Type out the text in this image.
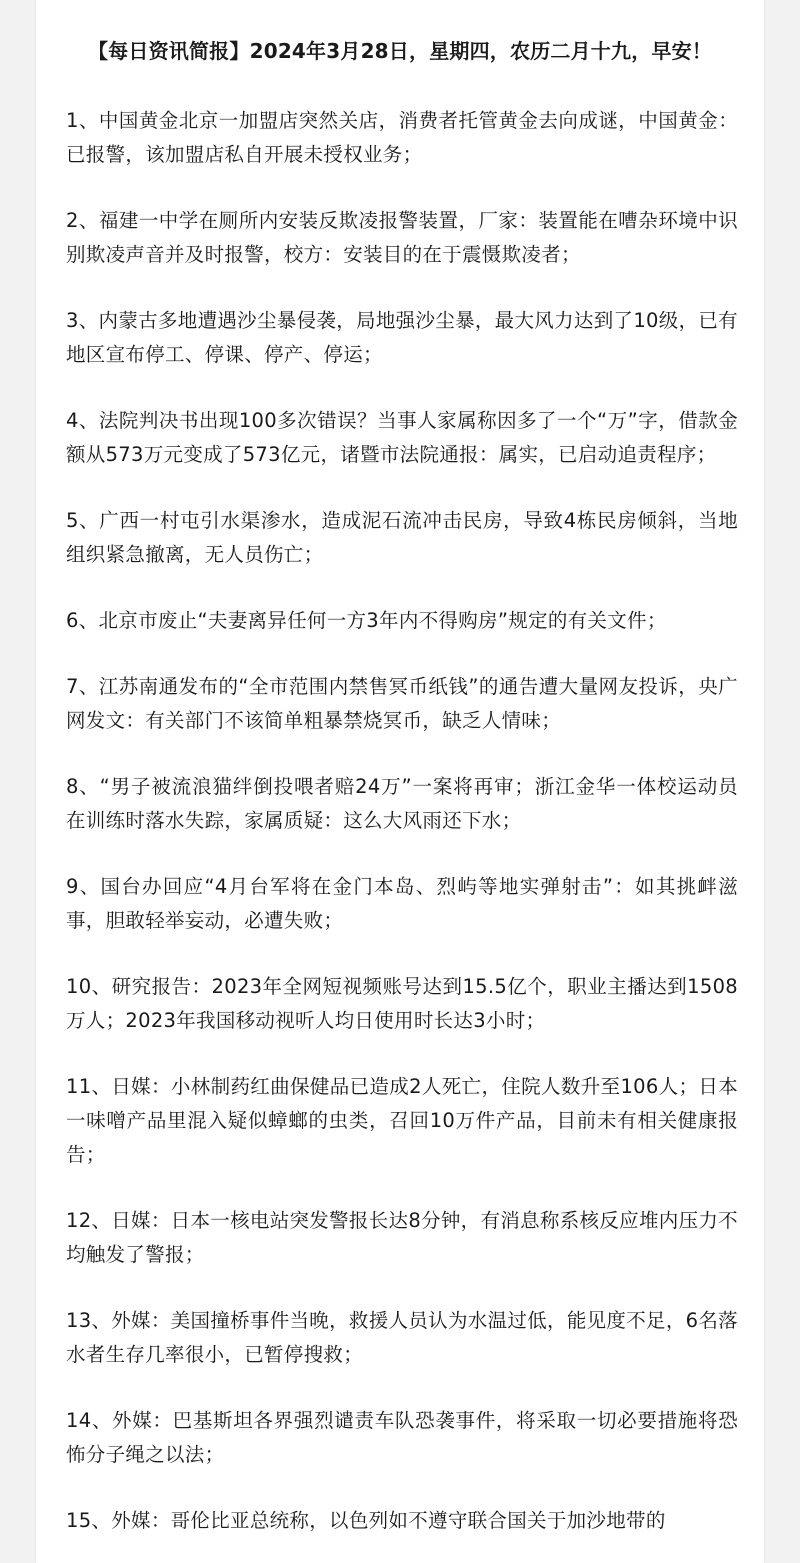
【每日资讯简报】2024年3月28日，星期四，农历二月十九，早安！

1、中国黄金北京一加盟店突然关店，消费者托管黄金去向成谜，中国黄金：已报警，该加盟店私自开展未授权业务；

2、福建一中学在厕所内安装反欺凌报警装置，厂家：装置能在嘈杂环境中识别欺凌声音并及时报警，校方：安装目的在于震慑欺凌者；

3、内蒙古多地遭遇沙尘暴侵袭，局地强沙尘暴，最大风力达到了10级，已有地区宣布停工、停课、停产、停运；

4、法院判决书出现100多次错误？当事人家属称因多了一个“万”字，借款金额从573万元变成了573亿元，诸暨市法院通报：属实，已启动追责程序；

5、广西一村屯引水渠渗水，造成泥石流冲击民房，导致4栋民房倾斜，当地组织紧急撤离，无人员伤亡；

6、北京市废止“夫妻离异任何一方3年内不得购房”规定的有关文件；

7、江苏南通发布的“全市范围内禁售冥币纸钱”的通告遭大量网友投诉，央广网发文：有关部门不该简单粗暴禁烧冥币，缺乏人情味；

8、“男子被流浪猫绊倒投喂者赔24万”一案将再审；浙江金华一体校运动员在训练时落水失踪，家属质疑：这么大风雨还下水；

9、国台办回应“4月台军将在金门本岛、烈屿等地实弹射击”：如其挑衅滋事，胆敢轻举妄动，必遭失败；

10、研究报告：2023年全网短视频账号达到15.5亿个，职业主播达到1508万人；2023年我国移动视听人均日使用时长达3小时；

11、日媒：小林制药红曲保健品已造成2人死亡，住院人数升至106人；日本一味噌产品里混入疑似蟑螂的虫类，召回10万件产品，目前未有相关健康报告；

12、日媒：日本一核电站突发警报长达8分钟，有消息称系核反应堆内压力不均触发了警报；

13、外媒：美国撞桥事件当晚，救援人员认为水温过低，能见度不足，6名落水者生存几率很小，已暂停搜救；

14、外媒：巴基斯坦各界强烈谴责车队恐袭事件，将采取一切必要措施将恐怖分子绳之以法；

15、外媒：哥伦比亚总统称，以色列如不遵守联合国关于加沙地带的
